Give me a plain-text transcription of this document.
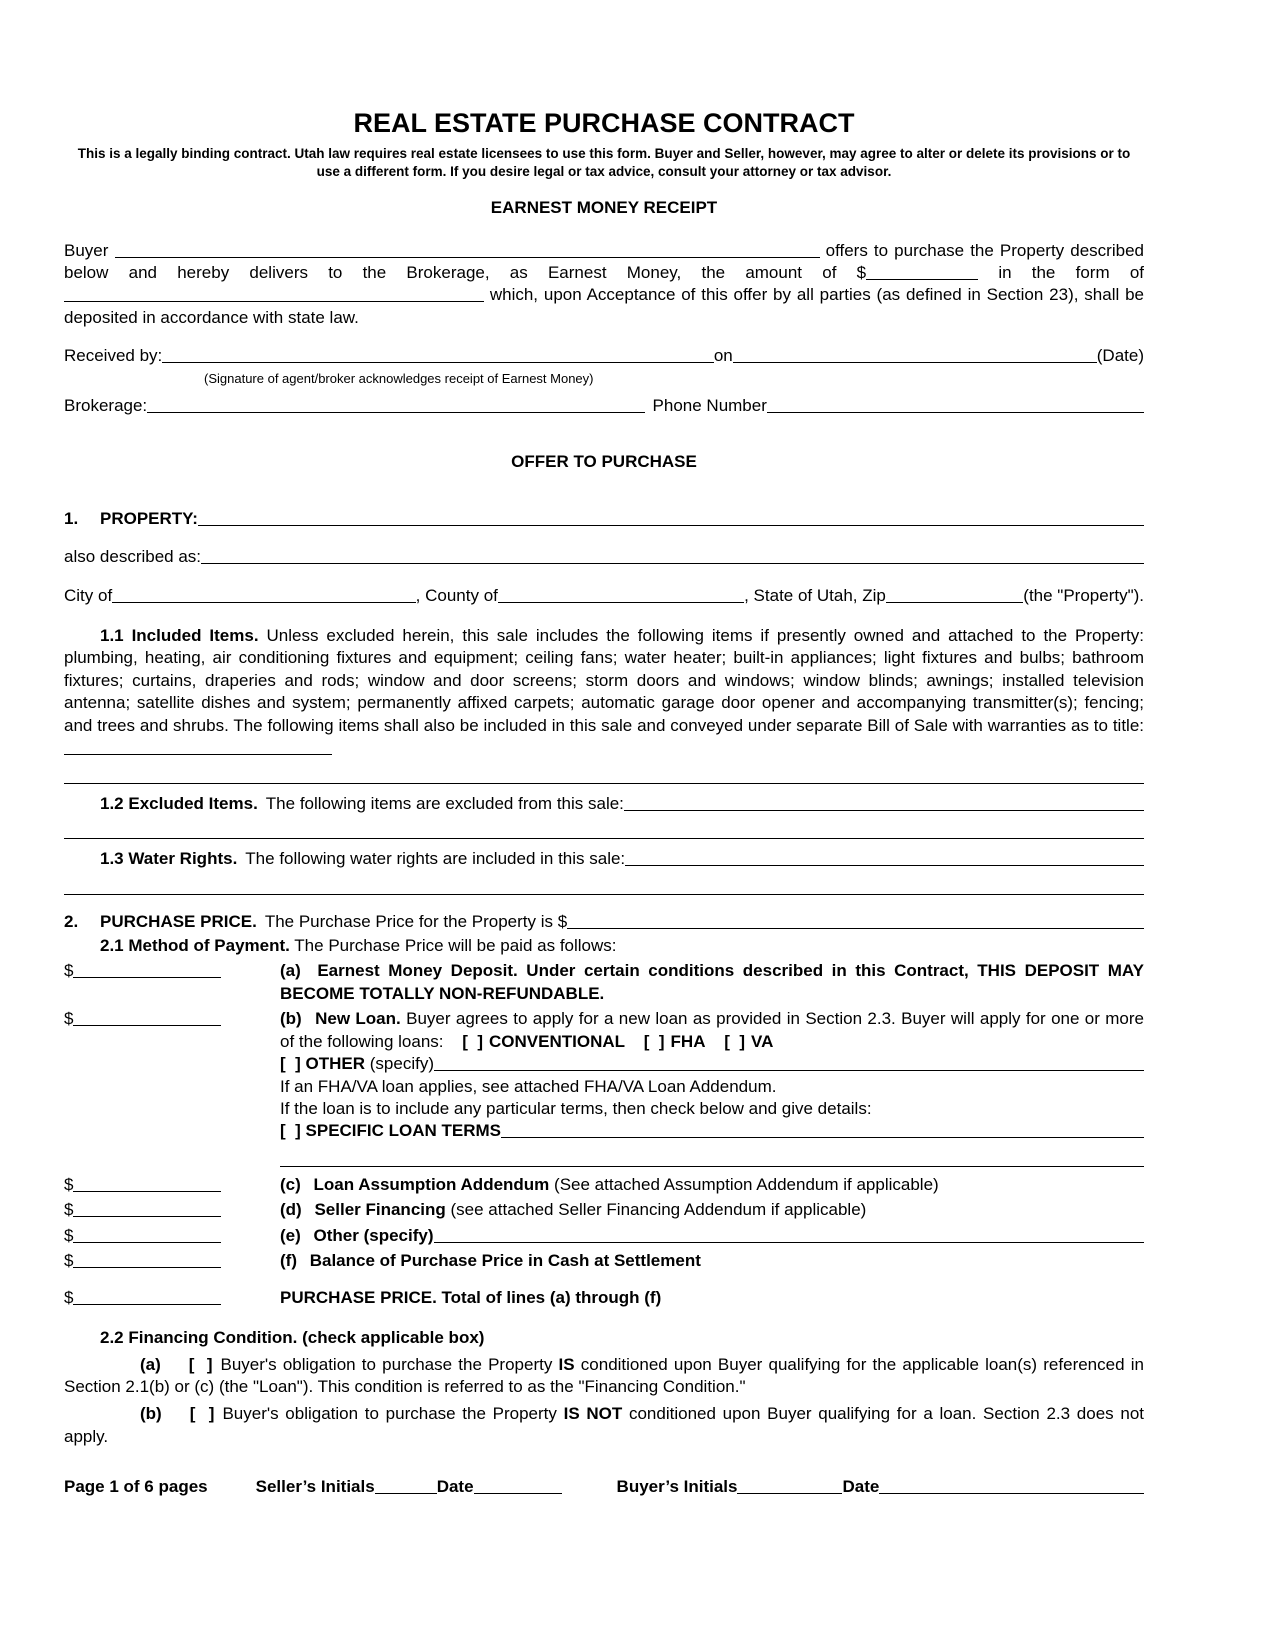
REAL ESTATE PURCHASE CONTRACT
This is a legally binding contract. Utah law requires real estate licensees to use this form. Buyer and Seller, however, may agree to alter or delete its provisions or to use a different form. If you desire legal or tax advice, consult your attorney or tax advisor.
EARNEST MONEY RECEIPT
Buyer	offers to purchase the Property described below and hereby delivers to the Brokerage, as Earnest Money, the amount of $	in the form of  which, upon Acceptance of this offer by all parties (as defined in Section 23), shall be deposited in accordance with state law.
Received by:	on	(Date)
(Signature of agent/broker acknowledges receipt of Earnest Money)
Brokerage:	Phone Number
OFFER TO PURCHASE
1.	PROPERTY:
also described as:
City of	, County of	, State of Utah, Zip	(the "Property").
1.1 Included Items. Unless excluded herein, this sale includes the following items if presently owned and attached to the Property: plumbing, heating, air conditioning fixtures and equipment; ceiling fans; water heater; built-in appliances; light fixtures and bulbs; bathroom fixtures; curtains, draperies and rods; window and door screens; storm doors and windows; window blinds; awnings; installed television antenna; satellite dishes and system; permanently affixed carpets; automatic garage door opener and accompanying transmitter(s); fencing; and trees and shrubs. The following items shall also be included in this sale and conveyed under separate Bill of Sale with warranties as to title:
1.2 Excluded Items. The following items are excluded from this sale:
1.3 Water Rights. The following water rights are included in this sale:
2.	PURCHASE PRICE. The Purchase Price for the Property is $
2.1 Method of Payment. The Purchase Price will be paid as follows:
$	(a) Earnest Money Deposit. Under certain conditions described in this Contract, THIS DEPOSIT MAY BECOME TOTALLY NON-REFUNDABLE.
$	(b) New Loan. Buyer agrees to apply for a new loan as provided in Section 2.3. Buyer will apply for one or more of the following loans: [  ] CONVENTIONAL [  ] FHA [  ] VA
[  ] OTHER (specify)
If an FHA/VA loan applies, see attached FHA/VA Loan Addendum.
If the loan is to include any particular terms, then check below and give details:
[  ] SPECIFIC LOAN TERMS
$	(c) Loan Assumption Addendum (See attached Assumption Addendum if applicable)
$	(d) Seller Financing (see attached Seller Financing Addendum if applicable)
$	(e) Other (specify)
$	(f) Balance of Purchase Price in Cash at Settlement
$	PURCHASE PRICE. Total of lines (a) through (f)
2.2 Financing Condition. (check applicable box)
(a) [  ] Buyer's obligation to purchase the Property IS conditioned upon Buyer qualifying for the applicable loan(s) referenced in Section 2.1(b) or (c) (the "Loan"). This condition is referred to as the "Financing Condition."
(b) [  ] Buyer's obligation to purchase the Property IS NOT conditioned upon Buyer qualifying for a loan. Section 2.3 does not apply.
Page 1 of 6 pages	Seller’s Initials	Date	Buyer’s Initials	Date
